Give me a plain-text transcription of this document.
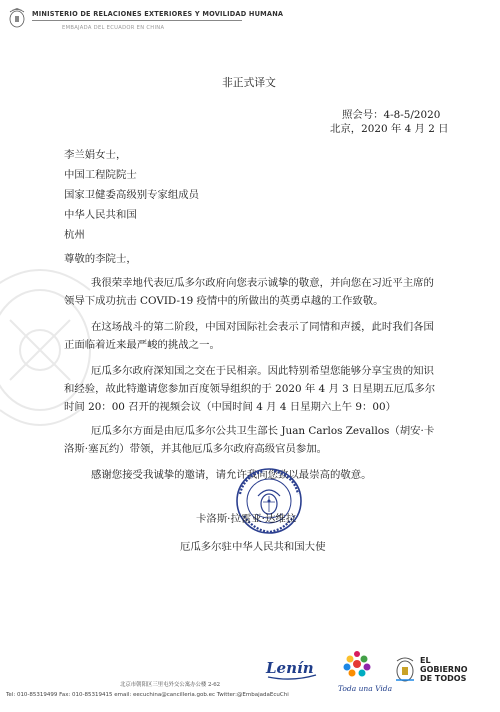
MINISTERIO DE RELACIONES EXTERIORES Y MOVILIDAD HUMANA
EMBAJADA DEL ECUADOR EN CHINA
非正式译文
照会号：4-8-5/2020
北京，2020 年 4 月 2 日
李兰娟女士，
中国工程院院士
国家卫健委高级别专家组成员
中华人民共和国
杭州
尊敬的李院士，
我很荣幸地代表厄瓜多尔政府向您表示诚挚的敬意，并向您在习近平主席的领导下成功抗击 COVID-19 疫情中的所做出的英勇卓越的工作致敬。
在这场战斗的第二阶段，中国对国际社会表示了同情和声援，此时我们各国正面临着近来最严峻的挑战之一。
厄瓜多尔政府深知国之交在于民相亲。因此特别希望您能够分享宝贵的知识和经验，故此特邀请您参加百度领导组织的于 2020 年 4 月 3 日星期五厄瓜多尔时间 20：00 召开的视频会议（中国时间 4 月 4 日星期六上午 9：00）
厄瓜多尔方面是由厄瓜多尔公共卫生部长 Juan Carlos Zevallos（胡安·卡洛斯·塞瓦约）带领，并其他厄瓜多尔政府高级官员参加。
感谢您接受我诚挚的邀请，请允许我向您致以最崇高的敬意。
卡洛斯·拉雷亚·达维拉
厄瓜多尔驻中华人民共和国大使
Lenín
Toda una Vida
EL
GOBIERNO
DE TODOS
北京市朝阳区三里屯外交公寓办公楼 2-62
Tel: 010-85319499 Fax: 010-85319415 email: eecuchina@cancilleria.gob.ec Twitter:@EmbajadaEcuChi
